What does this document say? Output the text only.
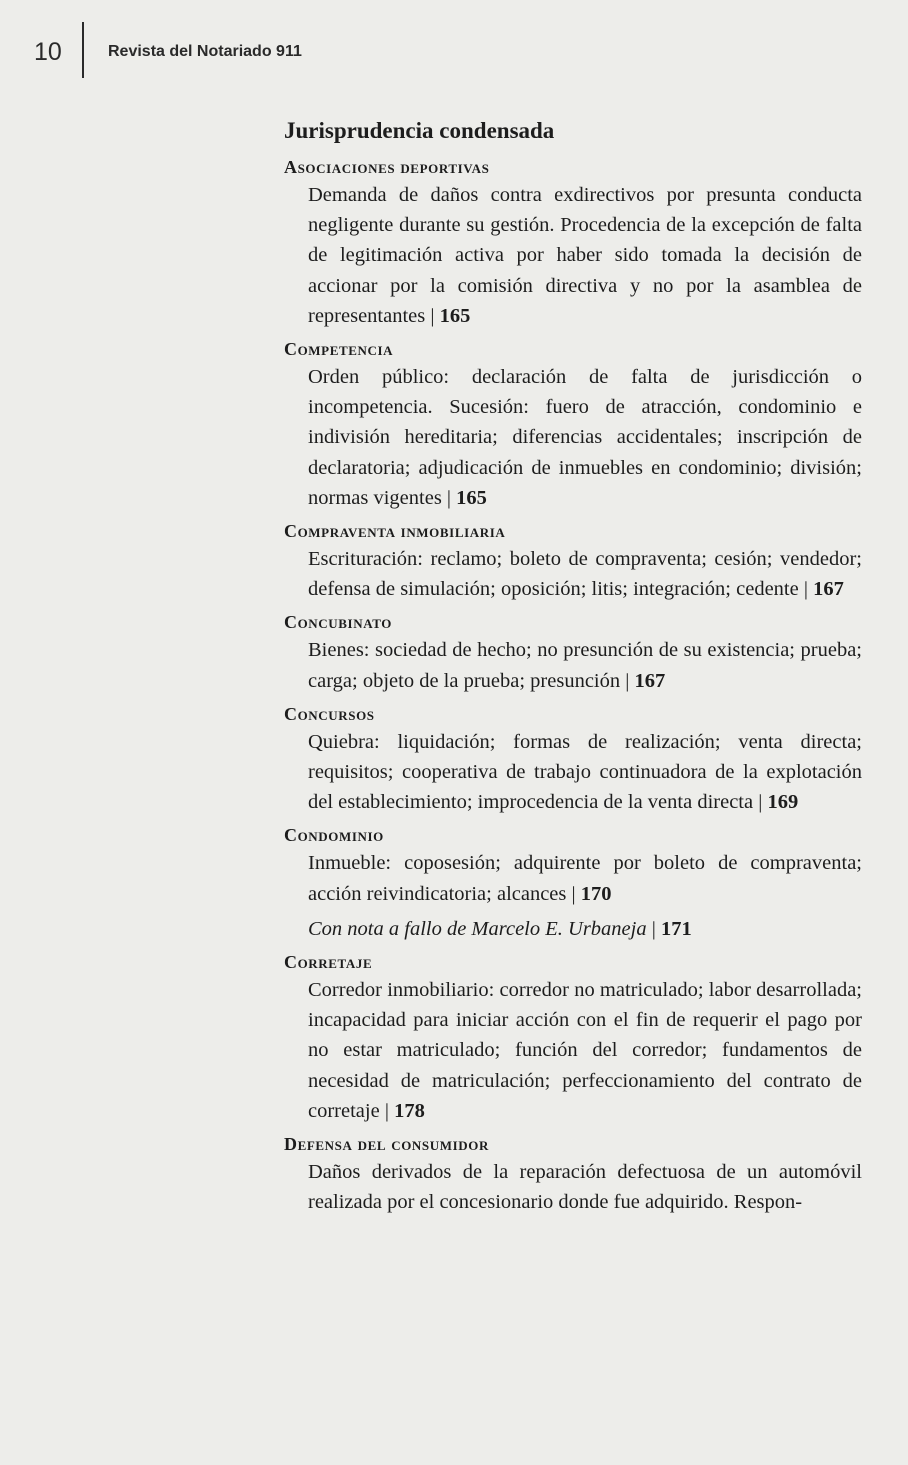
10	Revista del Notariado 911
Jurisprudencia condensada
Asociaciones deportivas

Demanda de daños contra exdirectivos por presunta conducta negligente durante su gestión. Procedencia de la excepción de falta de legitimación activa por haber sido tomada la decisión de accionar por la comisión directiva y no por la asamblea de representantes | 165

Competencia

Orden público: declaración de falta de jurisdicción o incompetencia. Sucesión: fuero de atracción, condominio e indivisión hereditaria; diferencias accidentales; inscripción de declaratoria; adjudicación de inmuebles en condominio; división; normas vigentes | 165

Compraventa inmobiliaria

Escrituración: reclamo; boleto de compraventa; cesión; vendedor; defensa de simulación; oposición; litis; integración; cedente | 167

Concubinato

Bienes: sociedad de hecho; no presunción de su existencia; prueba; carga; objeto de la prueba; presunción | 167

Concursos

Quiebra: liquidación; formas de realización; venta directa; requisitos; cooperativa de trabajo continuadora de la explotación del establecimiento; improcedencia de la venta directa | 169

Condominio

Inmueble: coposesión; adquirente por boleto de compraventa; acción reivindicatoria; alcances | 170

Con nota a fallo de Marcelo E. Urbaneja | 171

Corretaje

Corredor inmobiliario: corredor no matriculado; labor desarrollada; incapacidad para iniciar acción con el fin de requerir el pago por no estar matriculado; función del corredor; fundamentos de necesidad de matriculación; perfeccionamiento del contrato de corretaje | 178

Defensa del consumidor

Daños derivados de la reparación defectuosa de un automóvil realizada por el concesionario donde fue adquirido. Respon-
